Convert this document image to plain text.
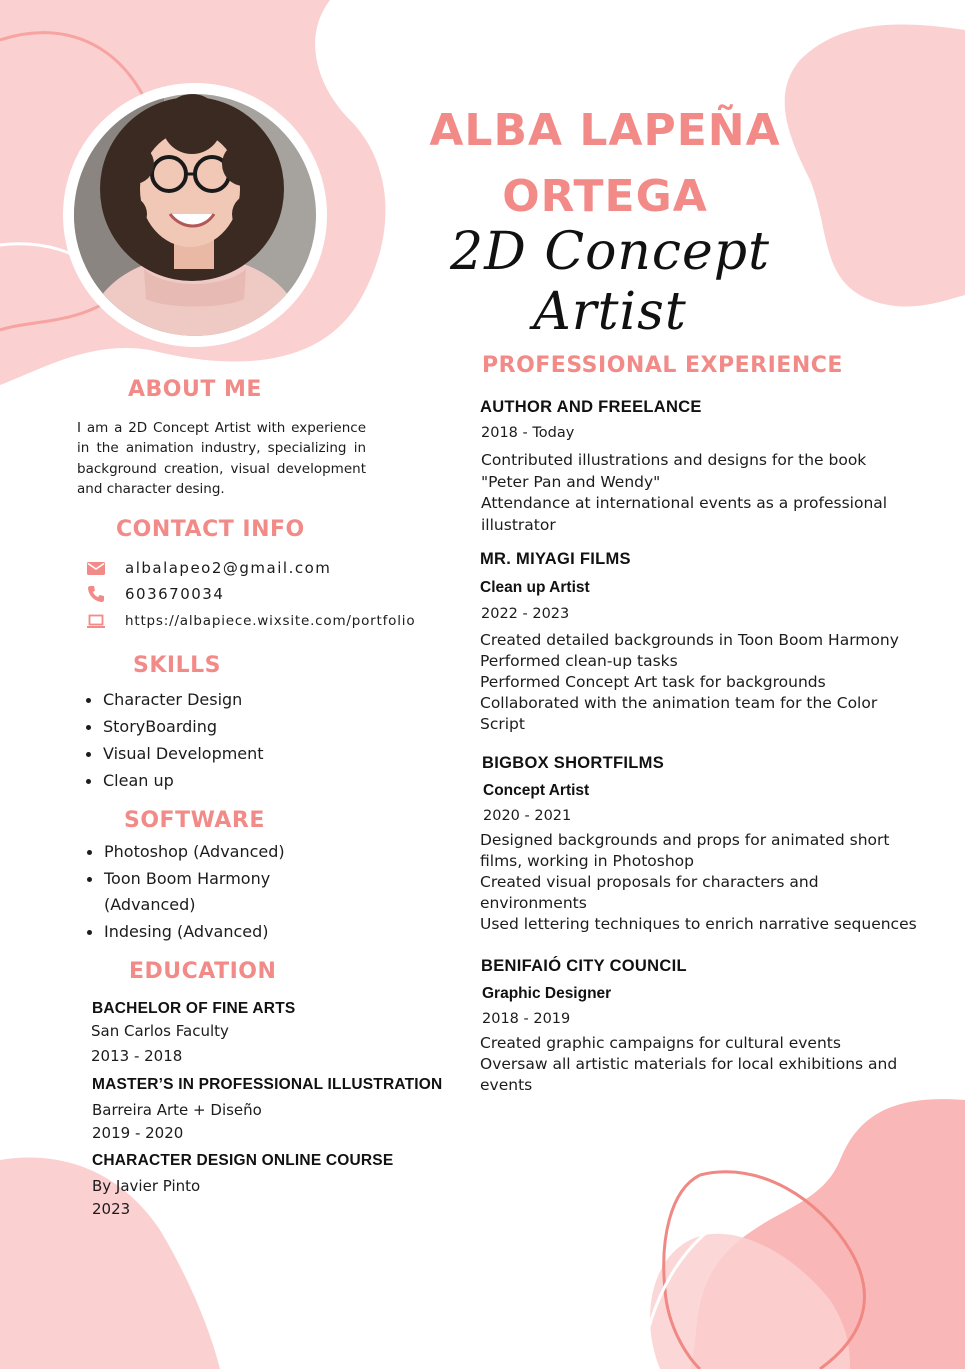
ALBA LAPEÑA
ORTEGA
2D Concept Artist
ABOUT ME
I am a 2D Concept Artist with experience in the animation industry, specializing in background creation, visual development and character desing.
CONTACT INFO
albalapeo2@gmail.com
603670034
https://albapiece.wixsite.com/portfolio
SKILLS
Character Design
StoryBoarding
Visual Development
Clean up
SOFTWARE
Photoshop (Advanced)
Toon Boom Harmony
(Advanced)
Indesing (Advanced)
EDUCATION
BACHELOR OF FINE ARTS
San Carlos Faculty
2013 - 2018
MASTER’S IN PROFESSIONAL ILLUSTRATION
Barreira Arte + Diseño
2019 - 2020
CHARACTER DESIGN ONLINE COURSE
By Javier Pinto
2023
PROFESSIONAL EXPERIENCE
AUTHOR AND FREELANCE
2018 - Today
Contributed illustrations and designs for the book
"Peter Pan and Wendy"
Attendance at international events as a professional
illustrator
MR. MIYAGI FILMS
Clean up Artist
2022 - 2023
Created detailed backgrounds in Toon Boom Harmony
Performed clean-up tasks
Performed Concept Art task for backgrounds
Collaborated with the animation team for the Color
Script
BIGBOX SHORTFILMS
Concept Artist
2020 - 2021
Designed backgrounds and props for animated short
films, working in Photoshop
Created visual proposals for characters and
environments
Used lettering techniques to enrich narrative sequences
BENIFAIÓ CITY COUNCIL
Graphic Designer
2018 - 2019
Created graphic campaigns for cultural events
Oversaw all artistic materials for local exhibitions and
events
